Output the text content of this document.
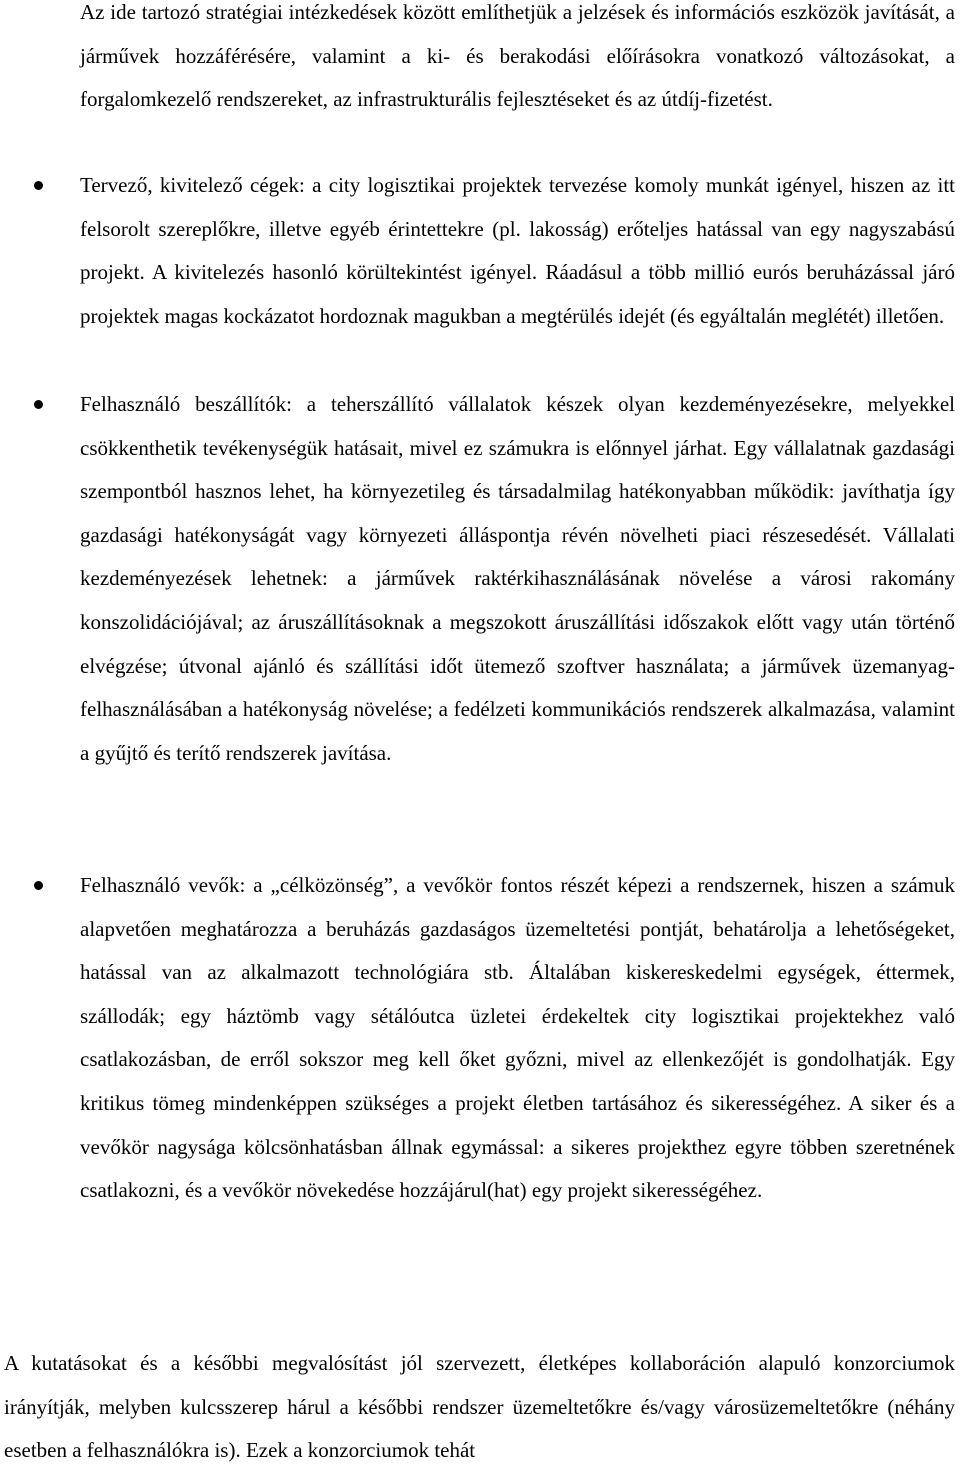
Az ide tartozó stratégiai intézkedések között említhetjük a jelzések és információs eszközök javítását, a járművek hozzáférésére, valamint a ki- és berakodási előírásokra vonatkozó változásokat, a forgalomkezelő rendszereket, az infrastrukturális fejlesztéseket és az útdíj-fizetést.

Tervező, kivitelező cégek: a city logisztikai projektek tervezése komoly munkát igényel, hiszen az itt felsorolt szereplőkre, illetve egyéb érintettekre (pl. lakosság) erőteljes hatással van egy nagyszabású projekt. A kivitelezés hasonló körültekintést igényel. Ráadásul a több millió eurós beruházással járó projektek magas kockázatot hordoznak magukban a megtérülés idejét (és egyáltalán meglétét) illetően.

Felhasználó beszállítók: a teherszállító vállalatok készek olyan kezdeményezésekre, melyekkel csökkenthetik tevékenységük hatásait, mivel ez számukra is előnnyel járhat. Egy vállalatnak gazdasági szempontból hasznos lehet, ha környezetileg és társadalmilag hatékonyabban működik: javíthatja így gazdasági hatékonyságát vagy környezeti álláspontja révén növelheti piaci részesedését. Vállalati kezdeményezések lehetnek: a járművek raktérkihasználásának növelése a városi rakomány konszolidációjával; az áruszállításoknak a megszokott áruszállítási időszakok előtt vagy után történő elvégzése; útvonal ajánló és szállítási időt ütemező szoftver használata; a járművek üzemanyag-felhasználásában a hatékonyság növelése; a fedélzeti kommunikációs rendszerek alkalmazása, valamint a gyűjtő és terítő rendszerek javítása.

Felhasználó vevők: a „célközönség”, a vevőkör fontos részét képezi a rendszernek, hiszen a számuk alapvetően meghatározza a beruházás gazdaságos üzemeltetési pontját, behatárolja a lehetőségeket, hatással van az alkalmazott technológiára stb. Általában kiskereskedelmi egységek, éttermek, szállodák; egy háztömb vagy sétálóutca üzletei érdekeltek city logisztikai projektekhez való csatlakozásban, de erről sokszor meg kell őket győzni, mivel az ellenkezőjét is gondolhatják. Egy kritikus tömeg mindenképpen szükséges a projekt életben tartásához és sikerességéhez. A siker és a vevőkör nagysága kölcsönhatásban állnak egymással: a sikeres projekthez egyre többen szeretnének csatlakozni, és a vevőkör növekedése hozzájárul(hat) egy projekt sikerességéhez.

A kutatásokat és a későbbi megvalósítást jól szervezett, életképes kollaboráción alapuló konzorciumok irányítják, melyben kulcsszerep hárul a későbbi rendszer üzemeltetőkre és/vagy városüzemeltetőkre (néhány esetben a felhasználókra is). Ezek a konzorciumok tehát
